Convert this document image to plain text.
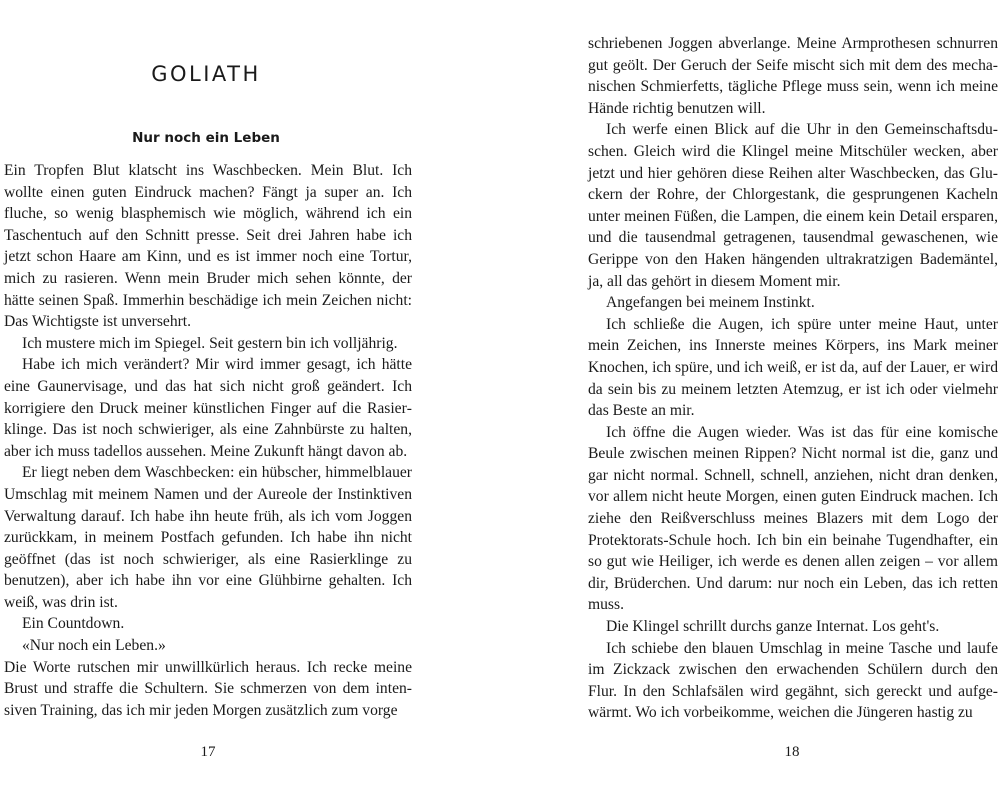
GOLIATH
Nur noch ein Leben

Ein Tropfen Blut klatscht ins Waschbecken. Mein Blut. Ich wollte einen guten Eindruck machen? Fängt ja super an. Ich fluche, so wenig blasphemisch wie möglich, während ich ein Taschentuch auf den Schnitt presse. Seit drei Jahren habe ich jetzt schon Haare am Kinn, und es ist immer noch eine Tortur, mich zu rasieren. Wenn mein Bruder mich sehen könnte, der hätte seinen Spaß. Immerhin beschädige ich mein Zeichen nicht: Das Wichtigste ist unversehrt.

Ich mustere mich im Spiegel. Seit gestern bin ich volljährig.

Habe ich mich verändert? Mir wird immer gesagt, ich hätte eine Gaunervisage, und das hat sich nicht groß geändert. Ich korrigiere den Druck meiner künstlichen Finger auf die Rasierklinge. Das ist noch schwieriger, als eine Zahnbürste zu halten, aber ich muss tadellos aussehen. Meine Zukunft hängt davon ab.

Er liegt neben dem Waschbecken: ein hübscher, himmelblauer Umschlag mit meinem Namen und der Aureole der Instinktiven Verwaltung darauf. Ich habe ihn heute früh, als ich vom Joggen zurückkam, in meinem Postfach gefunden. Ich habe ihn nicht geöffnet (das ist noch schwieriger, als eine Rasierklinge zu benutzen), aber ich habe ihn vor eine Glühbirne gehalten. Ich weiß, was drin ist.

Ein Countdown.

«Nur noch ein Leben.»

Die Worte rutschen mir unwillkürlich heraus. Ich recke meine Brust und straffe die Schultern. Sie schmerzen von dem intensiven Training, das ich mir jeden Morgen zusätzlich zum vorge

17

schriebenen Joggen abverlange. Meine Armprothesen schnurren gut geölt. Der Geruch der Seife mischt sich mit dem des mechanischen Schmierfetts, tägliche Pflege muss sein, wenn ich meine Hände richtig benutzen will.

Ich werfe einen Blick auf die Uhr in den Gemeinschaftsduschen. Gleich wird die Klingel meine Mitschüler wecken, aber jetzt und hier gehören diese Reihen alter Waschbecken, das Gluckern der Rohre, der Chlorgestank, die gesprungenen Kacheln unter meinen Füßen, die Lampen, die einem kein Detail ersparen, und die tausendmal getragenen, tausendmal gewaschenen, wie Gerippe von den Haken hängenden ultrakratzigen Bademäntel, ja, all das gehört in diesem Moment mir.

Angefangen bei meinem Instinkt.

Ich schließe die Augen, ich spüre unter meine Haut, unter mein Zeichen, ins Innerste meines Körpers, ins Mark meiner Knochen, ich spüre, und ich weiß, er ist da, auf der Lauer, er wird da sein bis zu meinem letzten Atemzug, er ist ich oder vielmehr das Beste an mir.

Ich öffne die Augen wieder. Was ist das für eine komische Beule zwischen meinen Rippen? Nicht normal ist die, ganz und gar nicht normal. Schnell, schnell, anziehen, nicht dran denken, vor allem nicht heute Morgen, einen guten Eindruck machen. Ich ziehe den Reißverschluss meines Blazers mit dem Logo der Protektorats-Schule hoch. Ich bin ein beinahe Tugendhafter, ein so gut wie Heiliger, ich werde es denen allen zeigen – vor allem dir, Brüderchen. Und darum: nur noch ein Leben, das ich retten muss.

Die Klingel schrillt durchs ganze Internat. Los geht's.

Ich schiebe den blauen Umschlag in meine Tasche und laufe im Zickzack zwischen den erwachenden Schülern durch den Flur. In den Schlafsälen wird gegähnt, sich gereckt und aufgewärmt. Wo ich vorbeikomme, weichen die Jüngeren hastig zu

18
